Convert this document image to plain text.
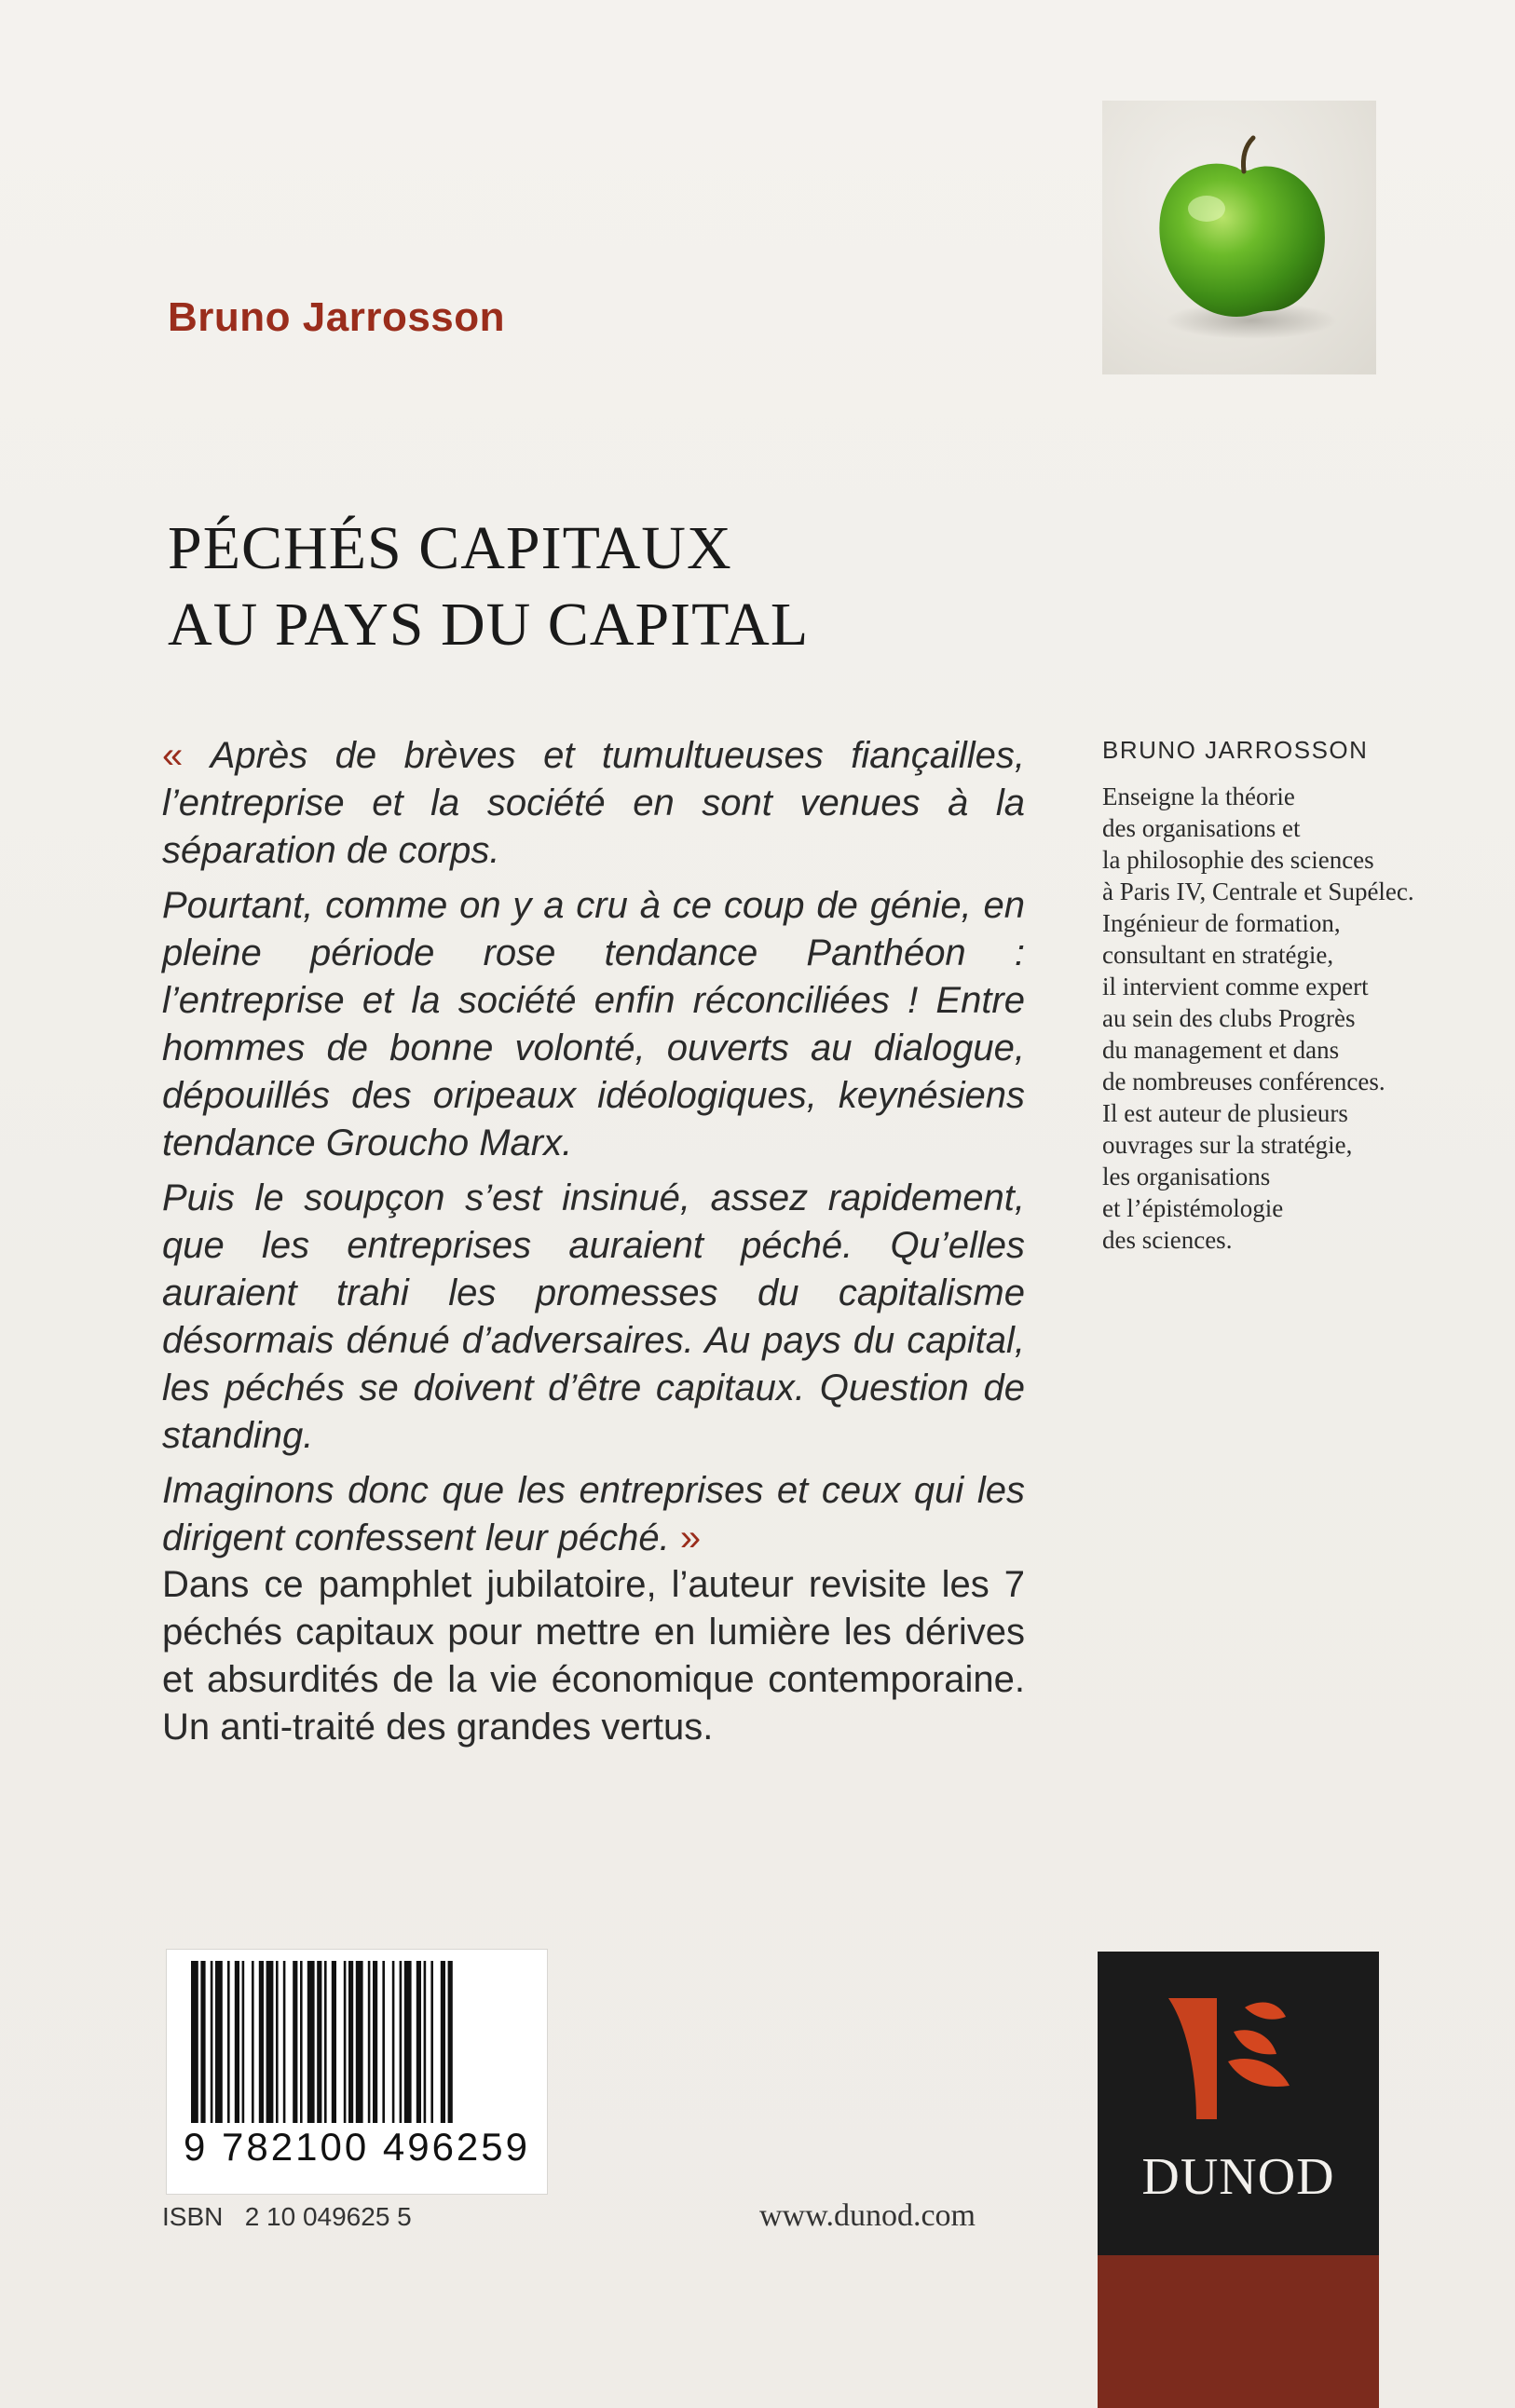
Bruno Jarrosson
PÉCHÉS CAPITAUX
AU PAYS DU CAPITAL

« Après de brèves et tumultueuses fiançailles, l’entreprise et la société en sont venues à la séparation de corps.

Pourtant, comme on y a cru à ce coup de génie, en pleine période rose tendance Panthéon : l’entreprise et la société enfin réconciliées ! Entre hommes de bonne volonté, ouverts au dialogue, dépouillés des oripeaux idéologiques, keynésiens tendance Groucho Marx.

Puis le soupçon s’est insinué, assez rapidement, que les entreprises auraient péché. Qu’elles auraient trahi les promesses du capitalisme désormais dénué d’adversaires. Au pays du capital, les péchés se doivent d’être capitaux. Question de standing.

Imaginons donc que les entreprises et ceux qui les dirigent confessent leur péché. »

Dans ce pamphlet jubilatoire, l’auteur revisite les 7 péchés capitaux pour mettre en lumière les dérives et absurdités de la vie économique contemporaine. Un anti-traité des grandes vertus.
BRUNO JARROSSON
Enseigne la théorie
des organisations et
la philosophie des sciences
à Paris IV, Centrale et Supélec.
Ingénieur de formation,
consultant en stratégie,
il intervient comme expert
au sein des clubs Progrès
du management et dans
de nombreuses conférences.
Il est auteur de plusieurs
ouvrages sur la stratégie,
les organisations
et l’épistémologie
des sciences.
9 782100 496259
ISBN   2 10 049625 5	www.dunod.com
DUNOD
